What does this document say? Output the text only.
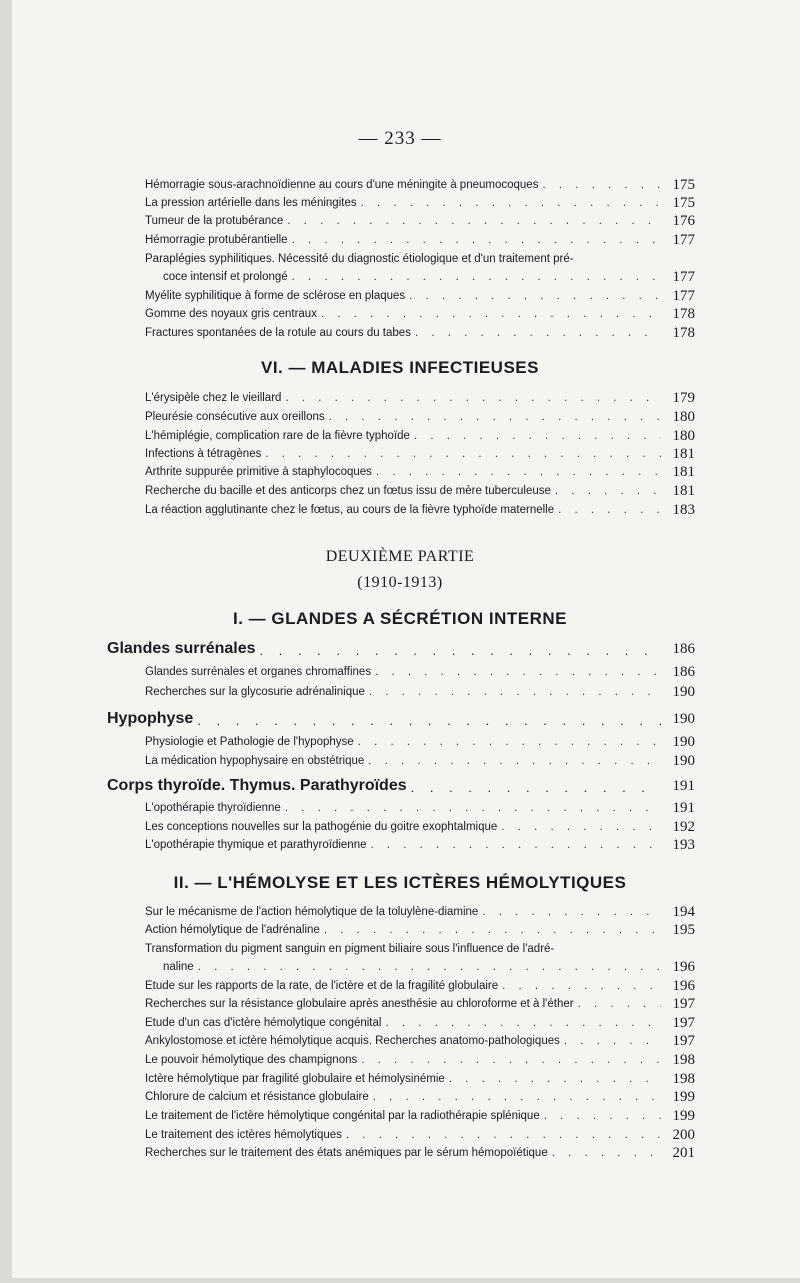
— 233 —
Hémorragie sous-arachnoïdienne au cours d'une méningite à pneumocoques . . .	175
La pression artérielle dans les méningites . . .	175
Tumeur de la protubérance . . .	176
Hémorragie protubérantielle . . .	177
Paraplégies syphilitiques. Nécessité du diagnostic étiologique et d'un traitement pré-
coce intensif et prolongé . . .	177
Myélite syphilitique à forme de sclérose en plaques . . .	177
Gomme des noyaux gris centraux . . .	178
Fractures spontanées de la rotule au cours du tabes . . .	178
VI. — MALADIES INFECTIEUSES
L'érysipèle chez le vieillard . . .	179
Pleurésie consécutive aux oreillons . . .	180
L'hémiplégie, complication rare de la fièvre typhoïde . . .	180
Infections à tétragènes . . .	181
Arthrite suppurée primitive à staphylocoques . . .	181
Recherche du bacille et des anticorps chez un fœtus issu de mère tuberculeuse . . .	181
La réaction agglutinante chez le fœtus, au cours de la fièvre typhoïde maternelle . . .	183
DEUXIÈME PARTIE
(1910-1913)
I. — GLANDES A SÉCRÉTION INTERNE
Glandes surrénales . . .	186
Glandes surrénales et organes chromaffines . . .	186
Recherches sur la glycosurie adrénalinique . . .	190
Hypophyse . . .	190
Physiologie et Pathologie de l'hypophyse . . .	190
La médication hypophysaire en obstétrique . . .	190
Corps thyroïde. Thymus. Parathyroïdes . . .	191
L'opothérapie thyroïdienne . . .	191
Les conceptions nouvelles sur la pathogénie du goitre exophtalmique . . .	192
L'opothérapie thymique et parathyroïdienne . . .	193
II. — L'HÉMOLYSE ET LES ICTÈRES HÉMOLYTIQUES
Sur le mécanisme de l'action hémolytique de la toluylène-diamine . . .	194
Action hémolytique de l'adrénaline . . .	195
Transformation du pigment sanguin en pigment biliaire sous l'influence de l'adré-
naline . . .	196
Etude sur les rapports de la rate, de l'ictère et de la fragilité globulaire . . .	196
Recherches sur la résistance globulaire après anesthésie au chloroforme et à l'éther . . .	197
Etude d'un cas d'ictère hémolytique congénital . . .	197
Ankylostomose et ictère hémolytique acquis. Recherches anatomo-pathologiques . . .	197
Le pouvoir hémolytique des champignons . . .	198
Ictère hémolytique par fragilité globulaire et hémolysinémie . . .	198
Chlorure de calcium et résistance globulaire . . .	199
Le traitement de l'ictère hémolytique congénital par la radiothérapie splénique . . .	199
Le traitement des ictères hémolytiques . . .	200
Recherches sur le traitement des états anémiques par le sérum hémopoïétique . . .	201
